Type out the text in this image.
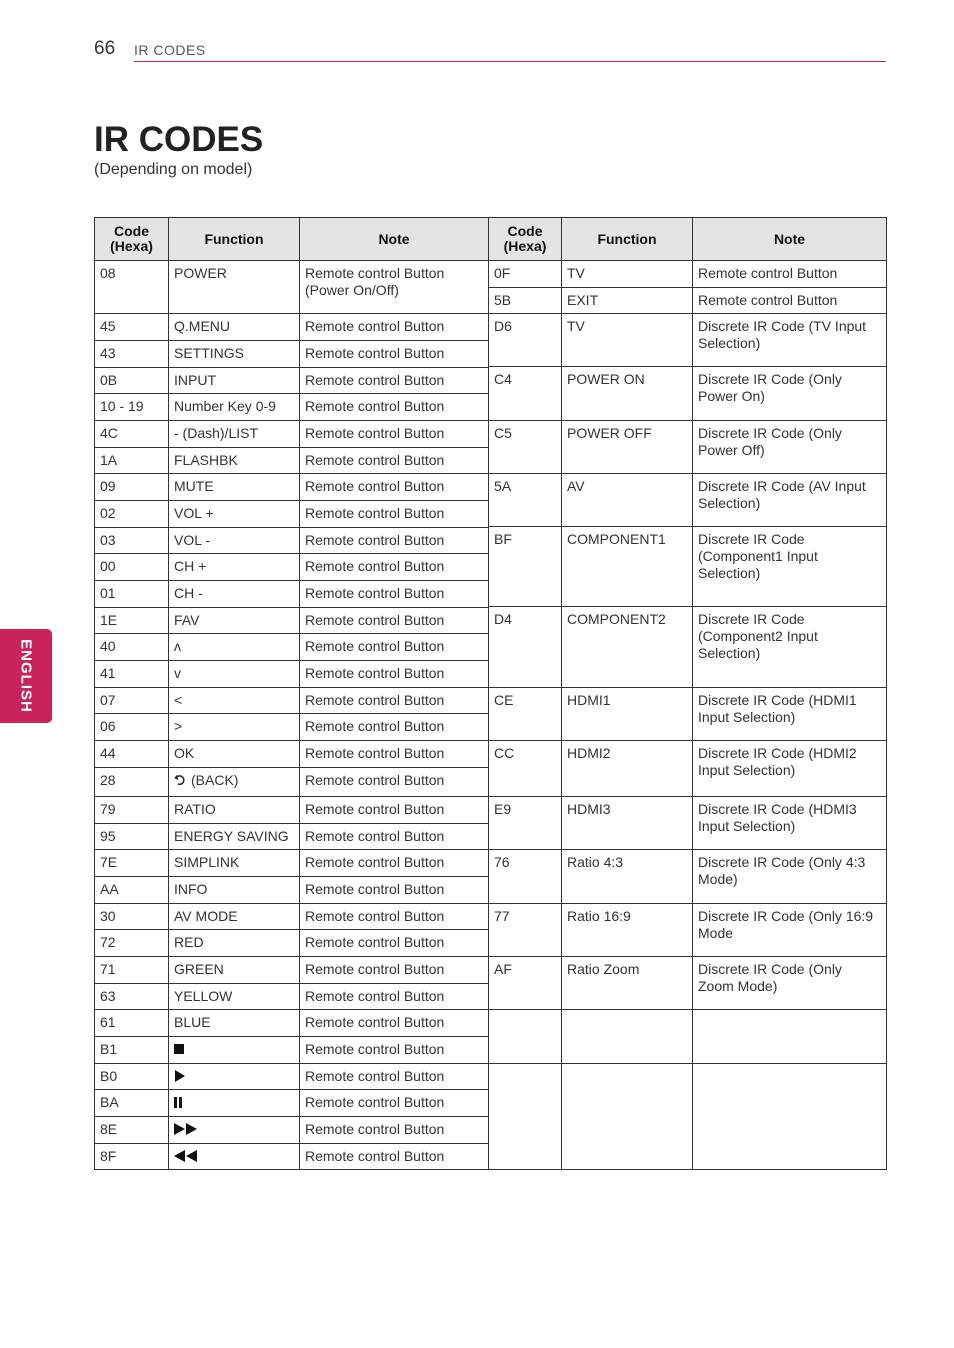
66 IR CODES
IR CODES
(Depending on model)
ENGLISH
Code (Hexa)	Function	Note
08	POWER	Remote control Button (Power On/Off)
45	Q.MENU	Remote control Button
43	SETTINGS	Remote control Button
0B	INPUT	Remote control Button
10 - 19	Number Key 0-9	Remote control Button
4C	- (Dash)/LIST	Remote control Button
1A	FLASHBK	Remote control Button
09	MUTE	Remote control Button
02	VOL +	Remote control Button
03	VOL -	Remote control Button
00	CH +	Remote control Button
01	CH -	Remote control Button
1E	FAV	Remote control Button
40	ʌ	Remote control Button
41	v	Remote control Button
07	<	Remote control Button
06	>	Remote control Button
44	OK	Remote control Button
28	(BACK)	Remote control Button
79	RATIO	Remote control Button
95	ENERGY SAVING	Remote control Button
7E	SIMPLINK	Remote control Button
AA	INFO	Remote control Button
30	AV MODE	Remote control Button
72	RED	Remote control Button
71	GREEN	Remote control Button
63	YELLOW	Remote control Button
61	BLUE	Remote control Button
B1		Remote control Button
B0		Remote control Button
BA		Remote control Button
8E		Remote control Button
8F		Remote control Button
Code (Hexa)	Function	Note
0F	TV	Remote control Button
5B	EXIT	Remote control Button
D6	TV	Discrete IR Code (TV Input Selection)
C4	POWER ON	Discrete IR Code (Only Power On)
C5	POWER OFF	Discrete IR Code (Only Power Off)
5A	AV	Discrete IR Code (AV Input Selection)
BF	COMPONENT1	Discrete IR Code (Component1 Input Selection)
D4	COMPONENT2	Discrete IR Code (Component2 Input Selection)
CE	HDMI1	Discrete IR Code (HDMI1 Input Selection)
CC	HDMI2	Discrete IR Code (HDMI2 Input Selection)
E9	HDMI3	Discrete IR Code (HDMI3 Input Selection)
76	Ratio 4:3	Discrete IR Code (Only 4:3 Mode)
77	Ratio 16:9	Discrete IR Code (Only 16:9 Mode
AF	Ratio Zoom	Discrete IR Code (Only Zoom Mode)
